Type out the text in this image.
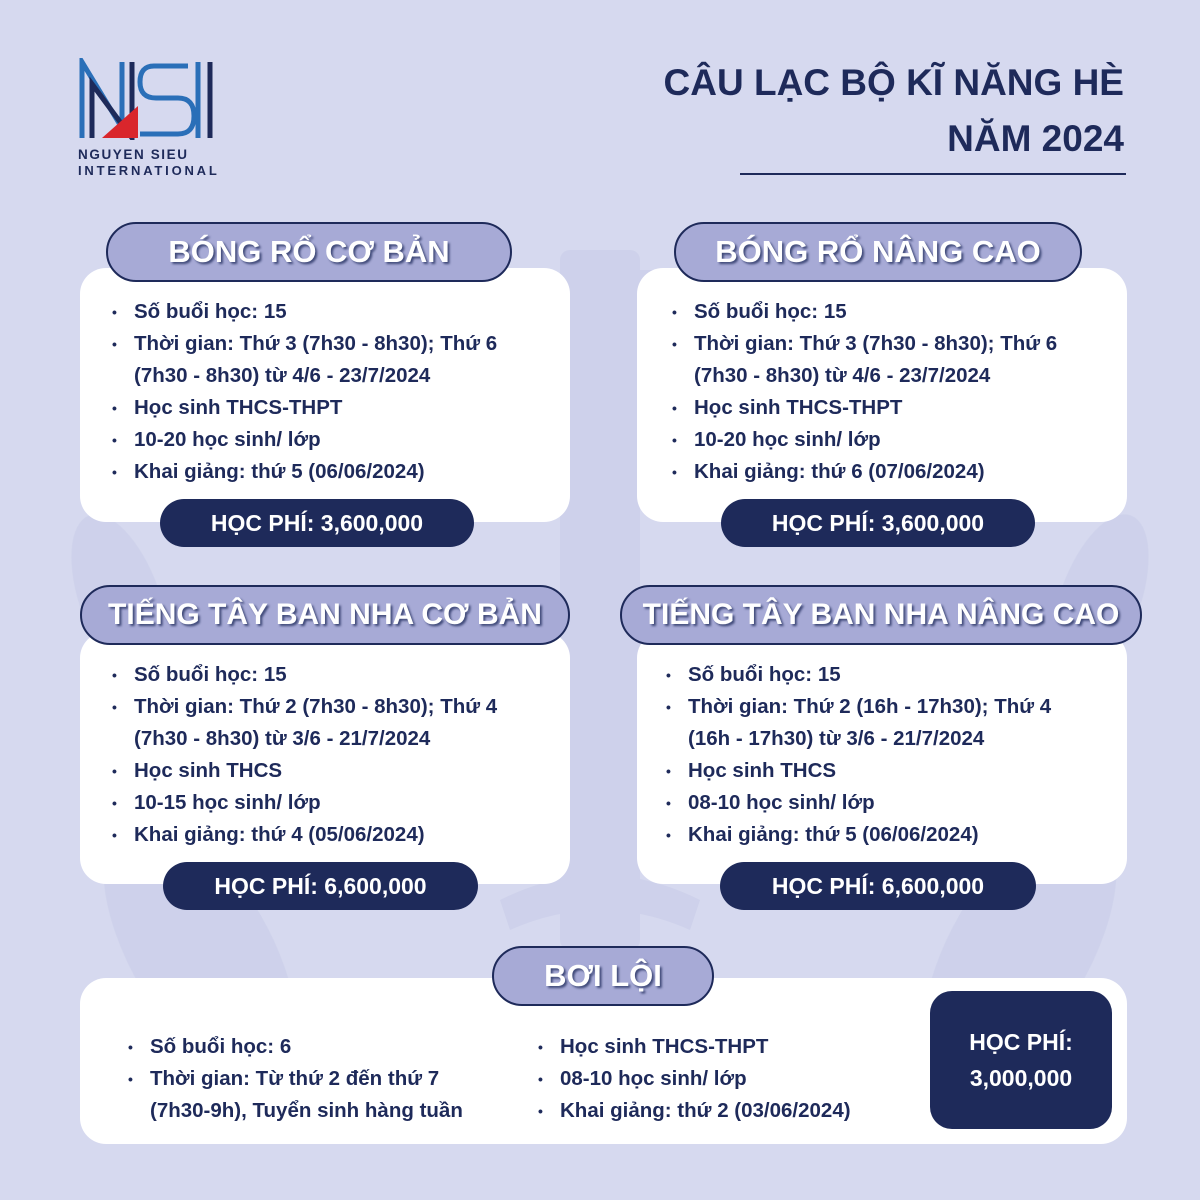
NGUYEN SIEU
INTERNATIONAL
CÂU LẠC BỘ KĨ NĂNG HÈ
NĂM 2024
• Số buổi học: 15
• Thời gian: Thứ 3 (7h30 - 8h30); Thứ 6
(7h30 - 8h30) từ 4/6 - 23/7/2024
• Học sinh THCS-THPT
• 10-20 học sinh/ lớp
• Khai giảng: thứ 5 (06/06/2024)
BÓNG RỔ CƠ BẢN
HỌC PHÍ: 3,600,000
• Số buổi học: 15
• Thời gian: Thứ 3 (7h30 - 8h30); Thứ 6
(7h30 - 8h30) từ 4/6 - 23/7/2024
• Học sinh THCS-THPT
• 10-20 học sinh/ lớp
• Khai giảng: thứ 6 (07/06/2024)
BÓNG RỔ NÂNG CAO
HỌC PHÍ: 3,600,000
• Số buổi học: 15
• Thời gian: Thứ 2 (7h30 - 8h30); Thứ 4
(7h30 - 8h30) từ 3/6 - 21/7/2024
• Học sinh THCS
• 10-15 học sinh/ lớp
• Khai giảng: thứ 4 (05/06/2024)
TIẾNG TÂY BAN NHA CƠ BẢN
HỌC PHÍ: 6,600,000
• Số buổi học: 15
• Thời gian: Thứ 2 (16h - 17h30); Thứ 4
(16h - 17h30) từ 3/6 - 21/7/2024
• Học sinh THCS
• 08-10 học sinh/ lớp
• Khai giảng: thứ 5 (06/06/2024)
TIẾNG TÂY BAN NHA NÂNG CAO
HỌC PHÍ: 6,600,000
BƠI LỘI
• Số buổi học: 6
• Thời gian: Từ thứ 2 đến thứ 7
(7h30-9h), Tuyển sinh hàng tuần
• Học sinh THCS-THPT
• 08-10 học sinh/ lớp
• Khai giảng: thứ 2 (03/06/2024)
HỌC PHÍ:
3,000,000
